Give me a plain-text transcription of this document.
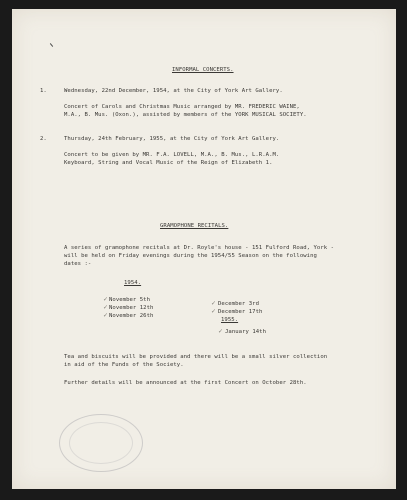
INFORMAL CONCERTS.
1.	Wednesday, 22nd December, 1954, at the City of York Art Gallery.
Concert of Carols and Christmas Music arranged by MR. FREDERIC WAINE,
M.A., B. Mus. (Oxon.), assisted by members of the YORK MUSICAL SOCIETY.
2.	Thursday, 24th February, 1955, at the City of York Art Gallery.
Concert to be given by MR. F.A. LOVELL, M.A., B. Mus., L.R.A.M.
Keyboard, String and Vocal Music of the Reign of Elizabeth 1.
GRAMOPHONE RECITALS.
A series of gramophone recitals at Dr. Royle's house - 151 Fulford Road, York -
will be held on Friday evenings during the 1954/55 Season on the following
dates :-
1954.
✓ November 5th
✓ November 12th
✓ November 26th
✓ December 3rd
✓ December 17th
1955.
✓ January 14th
Tea and biscuits will be provided and there will be a small silver collection
in aid of the Funds of the Society.
Further details will be announced at the first Concert on October 28th.
